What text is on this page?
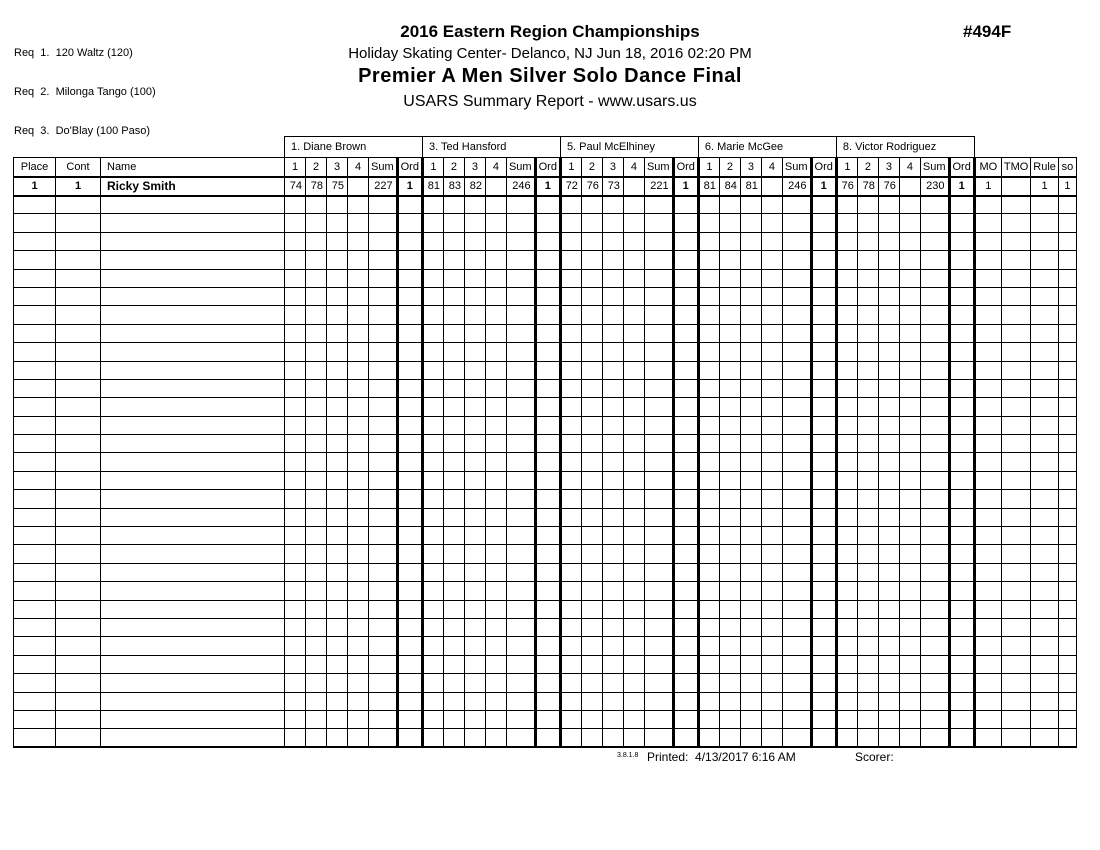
Req  1.  120 Waltz (120)

Req  2.  Milonga Tango (100)

Req  3.  Do'Blay (100 Paso)

2016 Eastern Region Championships
Holiday Skating Center- Delanco, NJ Jun 18, 2016 02:20 PM
Premier A Men Silver Solo Dance Final
USARS Summary Report - www.usars.us
#494F
			1. Diane Brown						3. Ted Hansford						5. Paul McElhiney						6. Marie McGee						8. Victor Rodriguez									
Place	Cont	Name	1	2	3	4	Sum	Ord	1	2	3	4	Sum	Ord	1	2	3	4	Sum	Ord	1	2	3	4	Sum	Ord	1	2	3	4	Sum	Ord	MO	TMO	Rule	so
1	1	Ricky Smith	74	78	75		227	1	81	83	82		246	1	72	76	73		221	1	81	84	81		246	1	76	78	76		230	1	1		1	1

3.8.1.8 Printed: 4/13/2017 6:16 AM	Scorer:
